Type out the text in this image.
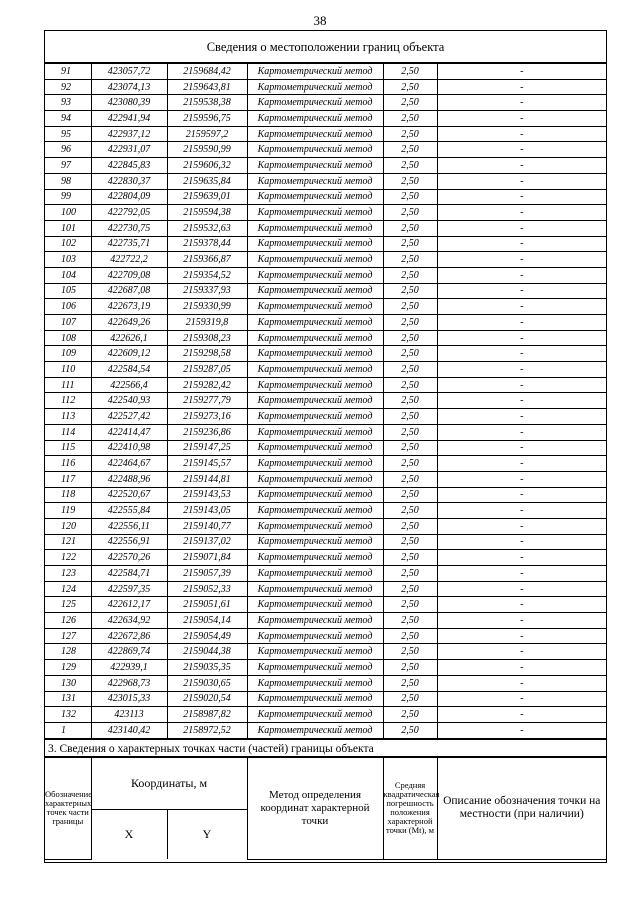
38
Сведения о местоположении границ объекта
91	423057,72	2159684,42	Картометрический метод	2,50	-
92	423074,13	2159643,81	Картометрический метод	2,50	-
93	423080,39	2159538,38	Картометрический метод	2,50	-
94	422941,94	2159596,75	Картометрический метод	2,50	-
95	422937,12	2159597,2	Картометрический метод	2,50	-
96	422931,07	2159590,99	Картометрический метод	2,50	-
97	422845,83	2159606,32	Картометрический метод	2,50	-
98	422830,37	2159635,84	Картометрический метод	2,50	-
99	422804,09	2159639,01	Картометрический метод	2,50	-
100	422792,05	2159594,38	Картометрический метод	2,50	-
101	422730,75	2159532,63	Картометрический метод	2,50	-
102	422735,71	2159378,44	Картометрический метод	2,50	-
103	422722,2	2159366,87	Картометрический метод	2,50	-
104	422709,08	2159354,52	Картометрический метод	2,50	-
105	422687,08	2159337,93	Картометрический метод	2,50	-
106	422673,19	2159330,99	Картометрический метод	2,50	-
107	422649,26	2159319,8	Картометрический метод	2,50	-
108	422626,1	2159308,23	Картометрический метод	2,50	-
109	422609,12	2159298,58	Картометрический метод	2,50	-
110	422584,54	2159287,05	Картометрический метод	2,50	-
111	422566,4	2159282,42	Картометрический метод	2,50	-
112	422540,93	2159277,79	Картометрический метод	2,50	-
113	422527,42	2159273,16	Картометрический метод	2,50	-
114	422414,47	2159236,86	Картометрический метод	2,50	-
115	422410,98	2159147,25	Картометрический метод	2,50	-
116	422464,67	2159145,57	Картометрический метод	2,50	-
117	422488,96	2159144,81	Картометрический метод	2,50	-
118	422520,67	2159143,53	Картометрический метод	2,50	-
119	422555,84	2159143,05	Картометрический метод	2,50	-
120	422556,11	2159140,77	Картометрический метод	2,50	-
121	422556,91	2159137,02	Картометрический метод	2,50	-
122	422570,26	2159071,84	Картометрический метод	2,50	-
123	422584,71	2159057,39	Картометрический метод	2,50	-
124	422597,35	2159052,33	Картометрический метод	2,50	-
125	422612,17	2159051,61	Картометрический метод	2,50	-
126	422634,92	2159054,14	Картометрический метод	2,50	-
127	422672,86	2159054,49	Картометрический метод	2,50	-
128	422869,74	2159044,38	Картометрический метод	2,50	-
129	422939,1	2159035,35	Картометрический метод	2,50	-
130	422968,73	2159030,65	Картометрический метод	2,50	-
131	423015,33	2159020,54	Картометрический метод	2,50	-
132	423113	2158987,82	Картометрический метод	2,50	-
1	423140,42	2158972,52	Картометрический метод	2,50	-
3. Сведения о характерных точках части (частей) границы объекта
Обозначение характерных точек части границы	Координаты, м		Метод определения координат характерной точки	Средняя квадратическая погрешность положения характерной точки (Mt), м	Описание обозначения точки на местности (при наличии)
	X	Y			
